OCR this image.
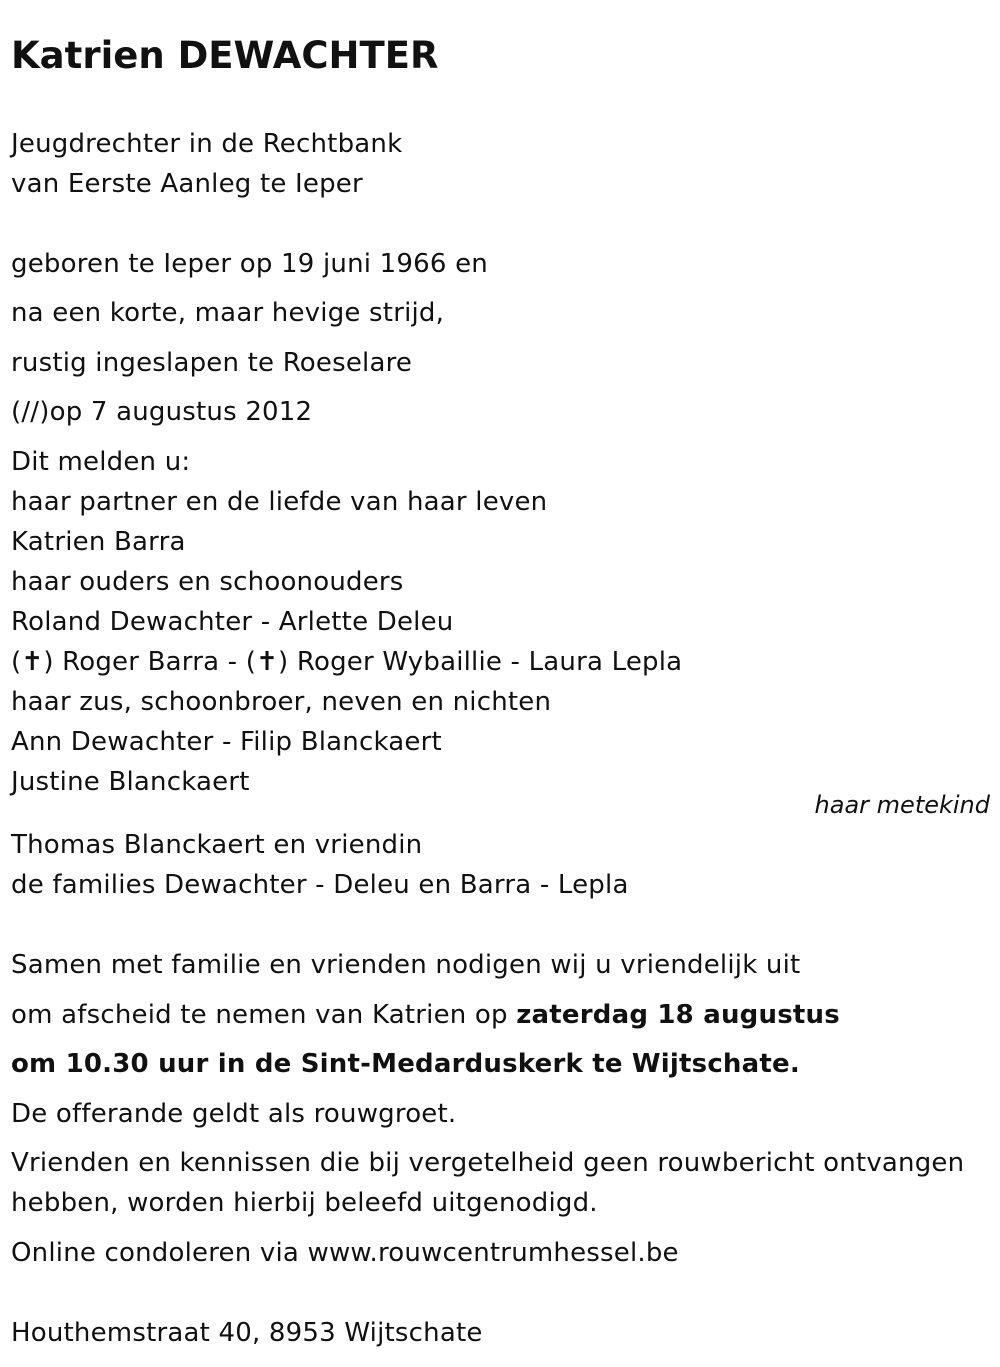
Katrien DEWACHTER
Jeugdrechter in de Rechtbank
van Eerste Aanleg te Ieper
geboren te Ieper op 19 juni 1966 en
na een korte, maar hevige strijd,
rustig ingeslapen te Roeselare
(//)op 7 augustus 2012
Dit melden u:
haar partner en de liefde van haar leven
Katrien Barra
haar ouders en schoonouders
Roland Dewachter - Arlette Deleu
(✝) Roger Barra - (✝) Roger Wybaillie - Laura Lepla
haar zus, schoonbroer, neven en nichten
Ann Dewachter - Filip Blanckaert
Justine Blanckaert
haar metekind
Thomas Blanckaert en vriendin
de families Dewachter - Deleu en Barra - Lepla
Samen met familie en vrienden nodigen wij u vriendelijk uit
om afscheid te nemen van Katrien op zaterdag 18 augustus
om 10.30 uur in de Sint-Medarduskerk te Wijtschate.
De offerande geldt als rouwgroet.
Vrienden en kennissen die bij vergetelheid geen rouwbericht ontvangen
hebben, worden hierbij beleefd uitgenodigd.
Online condoleren via www.rouwcentrumhessel.be
Houthemstraat 40, 8953 Wijtschate
